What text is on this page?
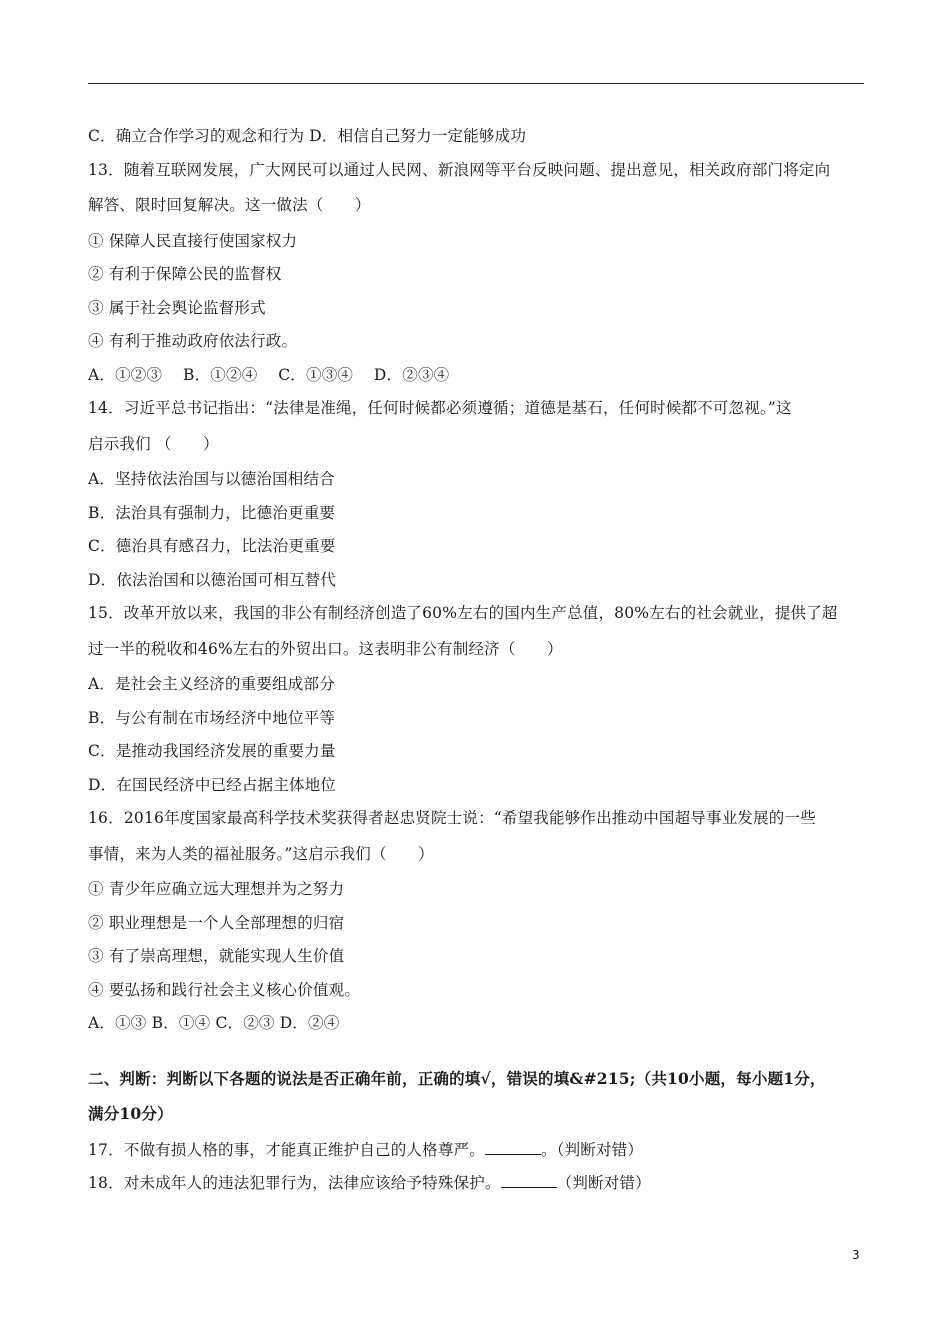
C．确立合作学习的观念和行为 D．相信自己努力一定能够成功
13．随着互联网发展，广大网民可以通过人民网、新浪网等平台反映问题、提出意见，相关政府部门将定向
解答、限时回复解决。这一做法（　　）
① 保障人民直接行使国家权力
② 有利于保障公民的监督权
③ 属于社会舆论监督形式
④ 有利于推动政府依法行政。
A．①②③　 B．①②④　 C．①③④　 D．②③④
14．习近平总书记指出：“法律是准绳，任何时候都必须遵循；道德是基石，任何时候都不可忽视。”这
启示我们 （　　）
A．坚持依法治国与以德治国相结合
B．法治具有强制力，比德治更重要
C．德治具有感召力，比法治更重要
D．依法治国和以德治国可相互替代
15．改革开放以来，我国的非公有制经济创造了60%左右的国内生产总值，80%左右的社会就业，提供了超
过一半的税收和46%左右的外贸出口。这表明非公有制经济（　　）
A．是社会主义经济的重要组成部分
B．与公有制在市场经济中地位平等
C．是推动我国经济发展的重要力量
D．在国民经济中已经占据主体地位
16．2016年度国家最高科学技术奖获得者赵忠贤院士说：“希望我能够作出推动中国超导事业发展的一些
事情，来为人类的福祉服务。”这启示我们（　　）
① 青少年应确立远大理想并为之努力
② 职业理想是一个人全部理想的归宿
③ 有了崇高理想，就能实现人生价值
④ 要弘扬和践行社会主义核心价值观。
A．①③ B．①④ C．②③ D．②④
二、判断：判断以下各题的说法是否正确年前，正确的填√，错误的填&#215;（共10小题，每小题1分，
满分10分）
17．不做有损人格的事，才能真正维护自己的人格尊严。	。（判断对错）
18．对未成年人的违法犯罪行为，法律应该给予特殊保护。	（判断对错）
3
